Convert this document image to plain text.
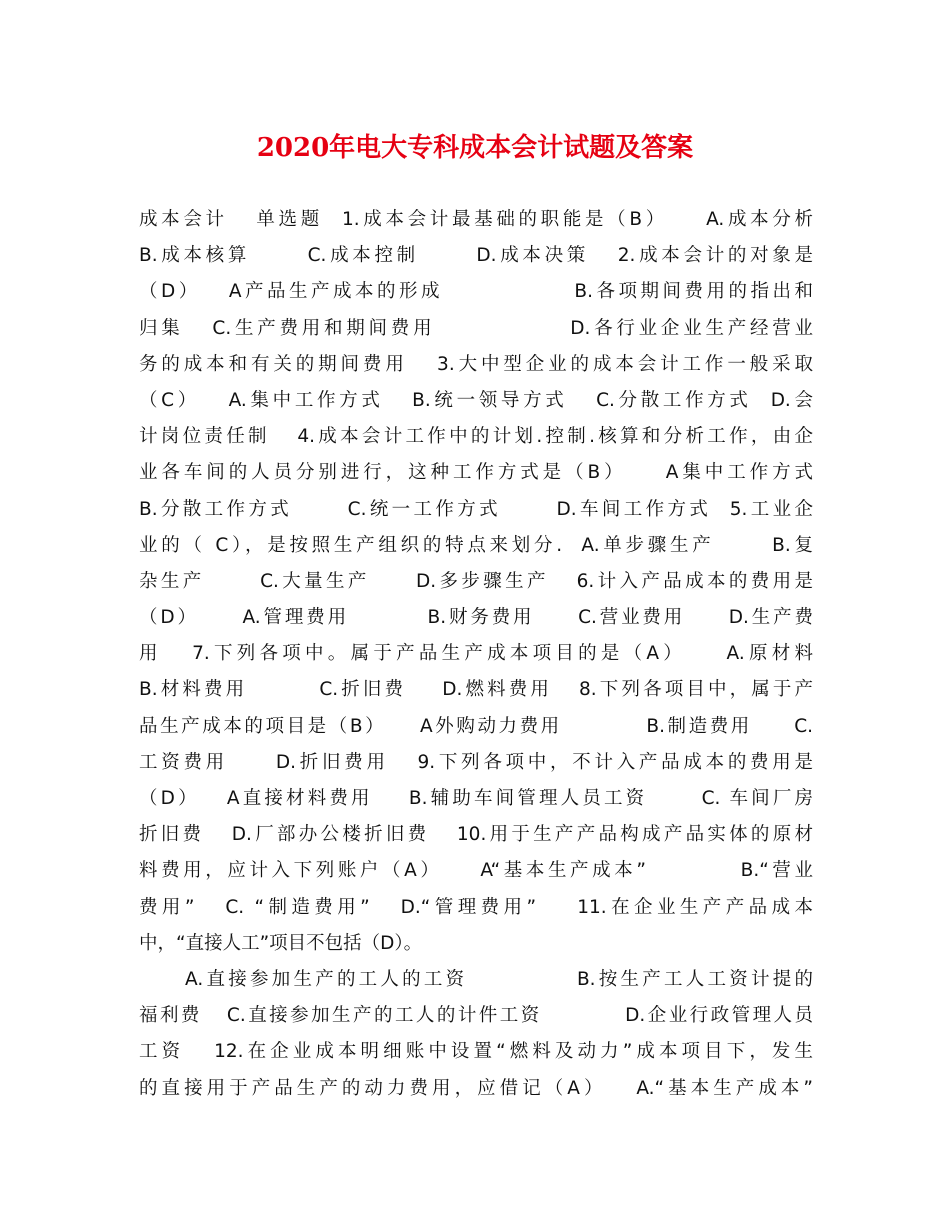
2020年电大专科成本会计试题及答案
成本会计   单选题  1.成本会计最基础的职能是（B）    A.成本分析
B.成本核算      C.成本控制      D.成本决策   2.成本会计的对象是
（D）   A产品生产成本的形成              B.各项期间费用的指出和
归集   C.生产费用和期间费用              D.各行业企业生产经营业
务的成本和有关的期间费用   3.大中型企业的成本会计工作一般采取
（C）   A.集中工作方式   B.统一领导方式   C.分散工作方式  D.会
计岗位责任制   4.成本会计工作中的计划.控制.核算和分析工作，由企
业各车间的人员分别进行，这种工作方式是（B）    A集中工作方式
B.分散工作方式      C.统一工作方式      D.车间工作方式  5.工业企
业的（ C），是按照生产组织的特点来划分.  A.单步骤生产      B.复
杂生产      C.大量生产     D.多步骤生产   6.计入产品成本的费用是
（D）     A.管理费用         B.财务费用     C.营业费用     D.生产费
用   7.下列各项中。属于产品生产成本项目的是（A）    A.原材料
B.材料费用        C.折旧费    D.燃料费用   8.下列各项目中，属于产
品生产成本的项目是（B）    A外购动力费用          B.制造费用     C.
工资费用     D.折旧费用   9.下列各项中，不计入产品成本的费用是
（D）   A直接材料费用    B.辅助车间管理人员工资      C. 车间厂房
折旧费   D.厂部办公楼折旧费   10.用于生产产品构成产品实体的原材
料费用，应计入下列账户（A）    A“基本生产成本”          B.“营业
费用”   C. “制造费用”   D.“管理费用”    11.在企业生产产品成本
中，“直接人工”项目不包括（D）。
A.直接参加生产的工人的工资            B.按生产工人工资计提的
福利费   C.直接参加生产的工人的计件工资          D.企业行政管理人员
工资   12.在企业成本明细账中设置“燃料及动力”成本项目下，发生
的直接用于产品生产的动力费用，应借记（A）   A.“基本生产成本”
